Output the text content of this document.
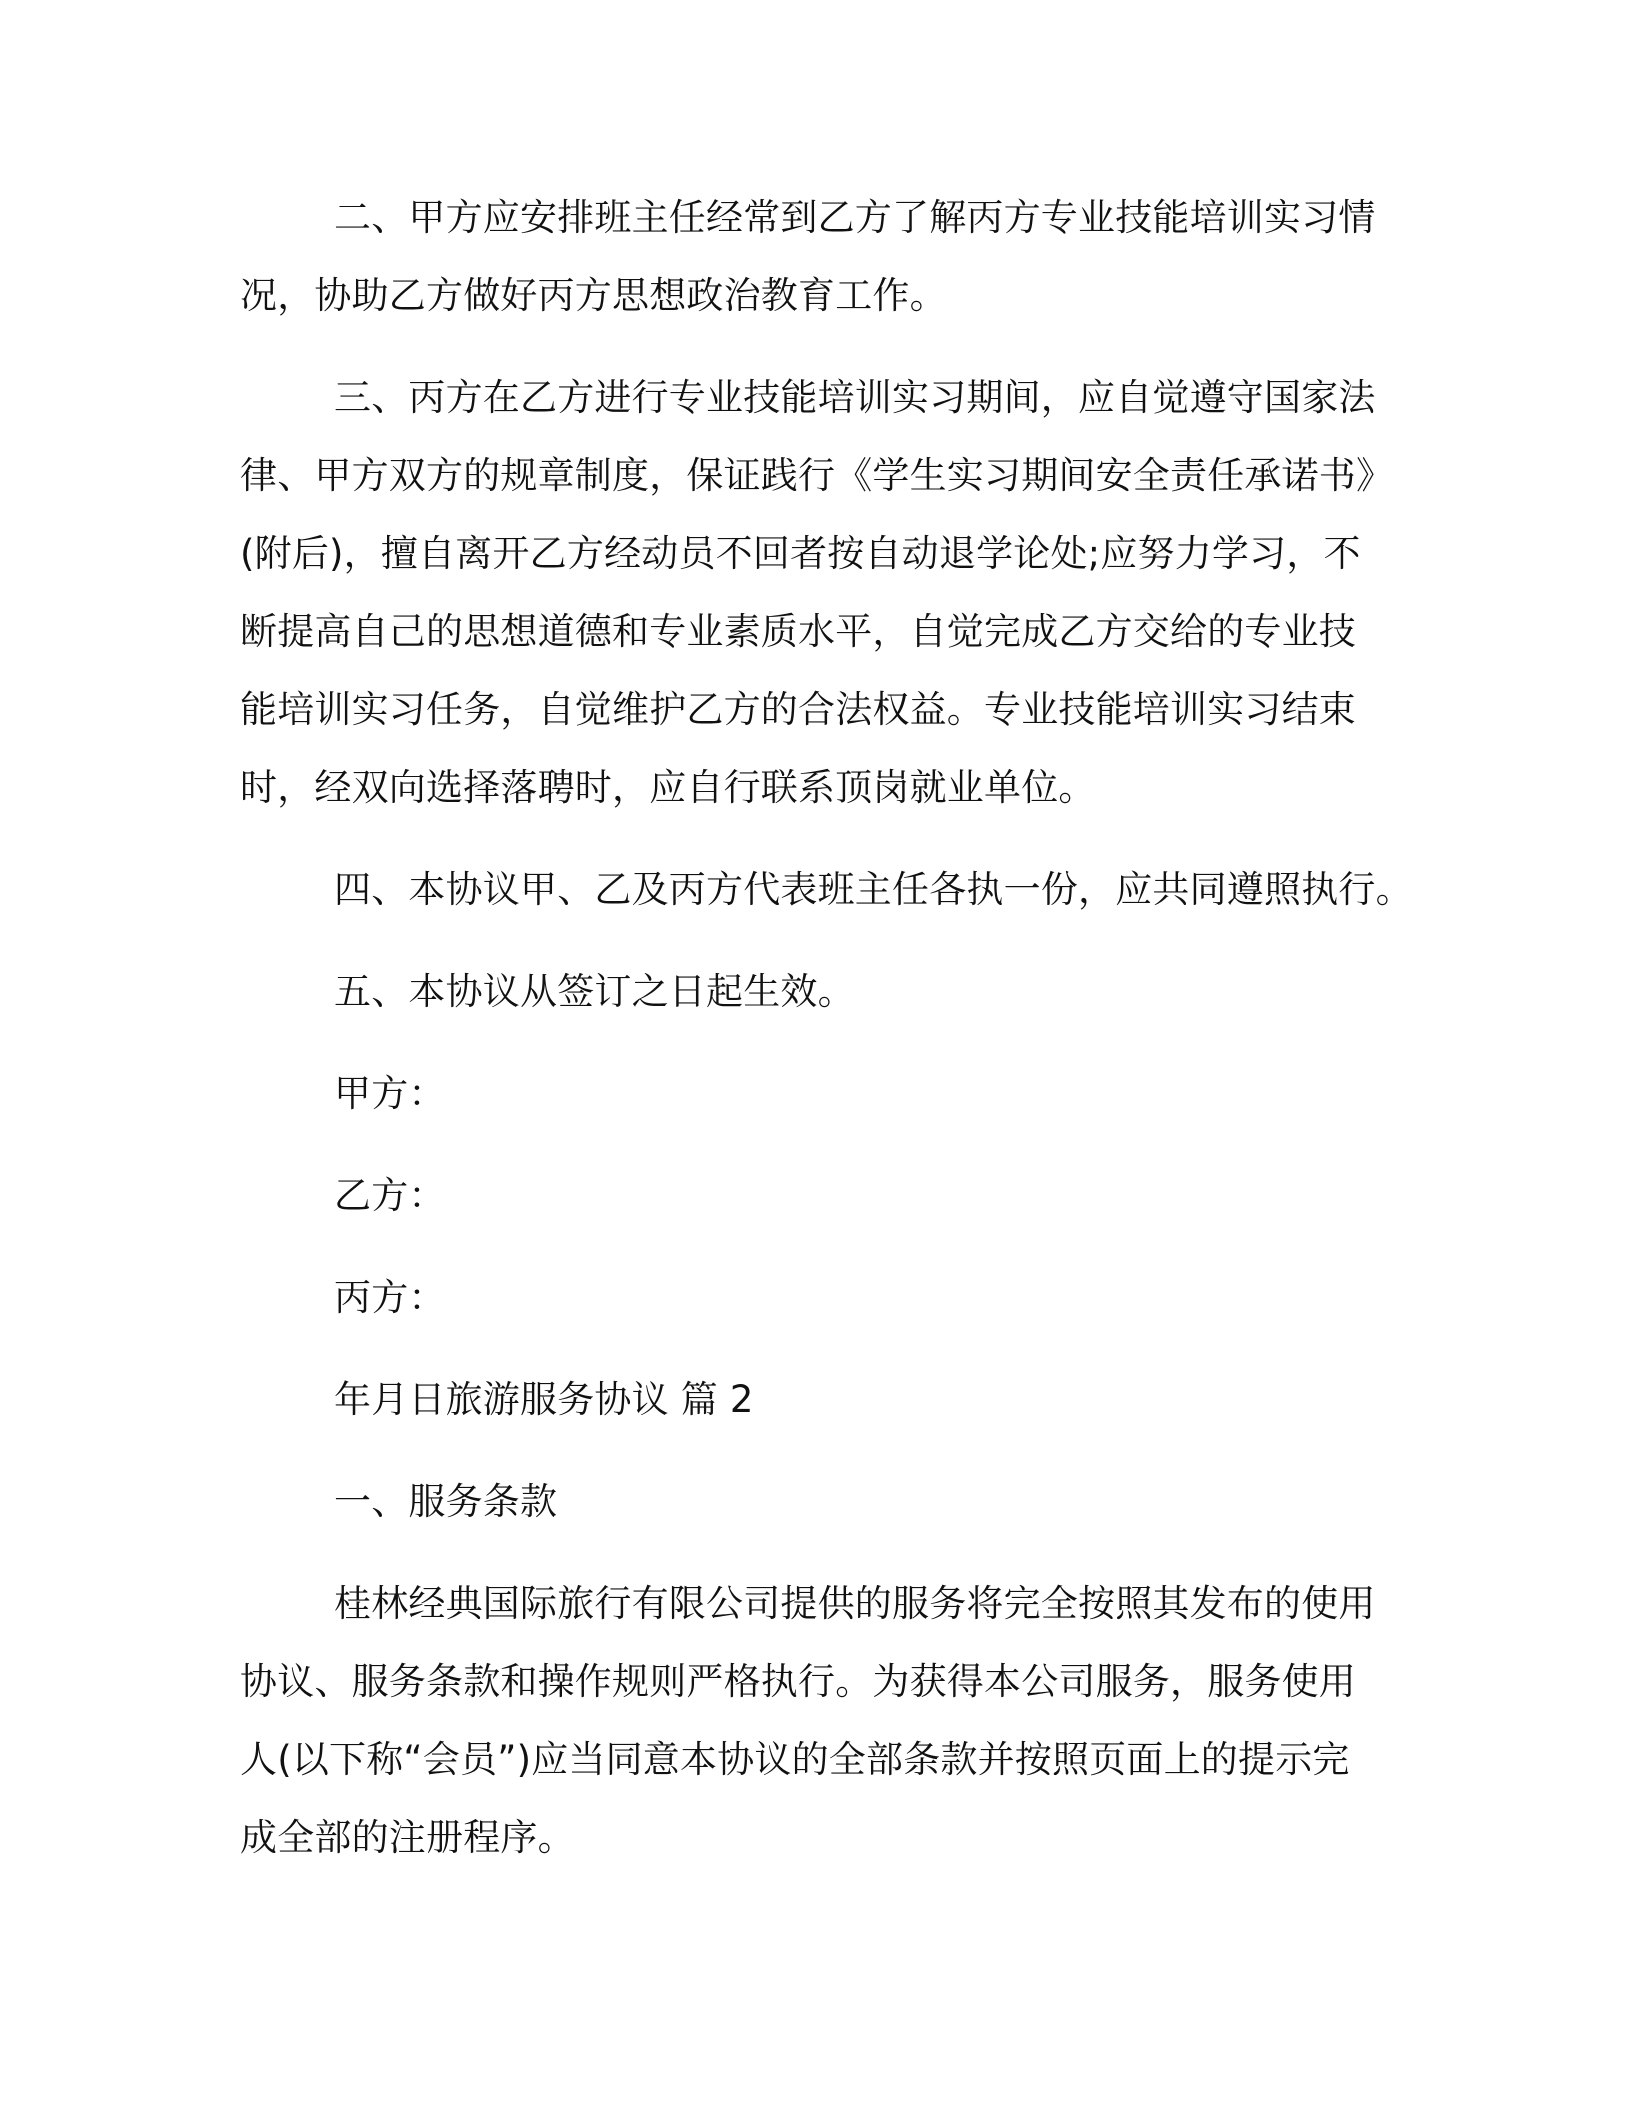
二、甲方应安排班主任经常到乙方了解丙方专业技能培训实习情
况，协助乙方做好丙方思想政治教育工作。
三、丙方在乙方进行专业技能培训实习期间，应自觉遵守国家法
律、甲方双方的规章制度，保证践行《学生实习期间安全责任承诺书》
(附后)，擅自离开乙方经动员不回者按自动退学论处;应努力学习，不
断提高自己的思想道德和专业素质水平，自觉完成乙方交给的专业技
能培训实习任务，自觉维护乙方的合法权益。专业技能培训实习结束
时，经双向选择落聘时，应自行联系顶岗就业单位。
四、本协议甲、乙及丙方代表班主任各执一份，应共同遵照执行。
五、本协议从签订之日起生效。
甲方：
乙方：
丙方：
年月日旅游服务协议 篇 2
一、服务条款
桂林经典国际旅行有限公司提供的服务将完全按照其发布的使用
协议、服务条款和操作规则严格执行。为获得本公司服务，服务使用
人(以下称“会员”)应当同意本协议的全部条款并按照页面上的提示完
成全部的注册程序。
